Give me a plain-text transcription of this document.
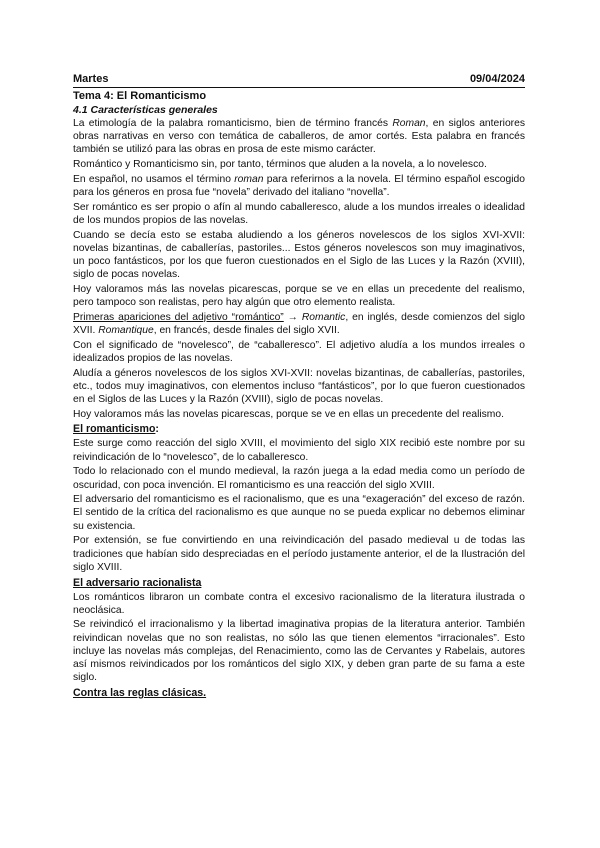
Martes	09/04/2024
Tema 4: El Romanticismo
4.1 Características generales

La etimología de la palabra romanticismo, bien de término francés Roman, en siglos anteriores obras narrativas en verso con temática de caballeros, de amor cortés. Esta palabra en francés también se utilizó para las obras en prosa de este mismo carácter.

Romántico y Romanticismo sin, por tanto, términos que aluden a la novela, a lo novelesco.

En español, no usamos el término roman para referirnos a la novela. El término español escogido para los géneros en prosa fue “novela” derivado del italiano “novella”.

Ser romántico es ser propio o afín al mundo caballeresco, alude a los mundos irreales o idealidad de los mundos propios de las novelas.

Cuando se decía esto se estaba aludiendo a los géneros novelescos de los siglos XVI-XVII: novelas bizantinas, de caballerías, pastoriles... Estos géneros novelescos son muy imaginativos, un poco fantásticos, por los que fueron cuestionados en el Siglo de las Luces y la Razón (XVIII), siglo de pocas novelas.

Hoy valoramos más las novelas picarescas, porque se ve en ellas un precedente del realismo, pero tampoco son realistas, pero hay algún que otro elemento realista.

Primeras apariciones del adjetivo “romántico” → Romantic, en inglés, desde comienzos del siglo XVII. Romantique, en francés, desde finales del siglo XVII.

Con el significado de “novelesco”, de “caballeresco”. El adjetivo aludía a los mundos irreales o idealizados propios de las novelas.

Aludía a géneros novelescos de los siglos XVI-XVII: novelas bizantinas, de caballerías, pastoriles, etc., todos muy imaginativos, con elementos incluso “fantásticos”, por lo que fueron cuestionados en el Siglos de las Luces y la Razón (XVIII), siglo de pocas novelas.

Hoy valoramos más las novelas picarescas, porque se ve en ellas un precedente del realismo.

El romanticismo:

Este surge como reacción del siglo XVIII, el movimiento del siglo XIX recibió este nombre por su reivindicación de lo “novelesco”, de lo caballeresco.

Todo lo relacionado con el mundo medieval, la razón juega a la edad media como un período de oscuridad, con poca invención. El romanticismo es una reacción del siglo XVIII.

El adversario del romanticismo es el racionalismo, que es una “exageración” del exceso de razón. El sentido de la crítica del racionalismo es que aunque no se pueda explicar no debemos eliminar su existencia.

Por extensión, se fue convirtiendo en una reivindicación del pasado medieval u de todas las tradiciones que habían sido despreciadas en el período justamente anterior, el de la Ilustración del siglo XVIII.

El adversario racionalista

Los románticos libraron un combate contra el excesivo racionalismo de la literatura ilustrada o neoclásica.

Se reivindicó el irracionalismo y la libertad imaginativa propias de la literatura anterior. También reivindican novelas que no son realistas, no sólo las que tienen elementos “irracionales”. Esto incluye las novelas más complejas, del Renacimiento, como las de Cervantes y Rabelais, autores así mismos reivindicados por los románticos del siglo XIX, y deben gran parte de su fama a este siglo.

Contra las reglas clásicas.
